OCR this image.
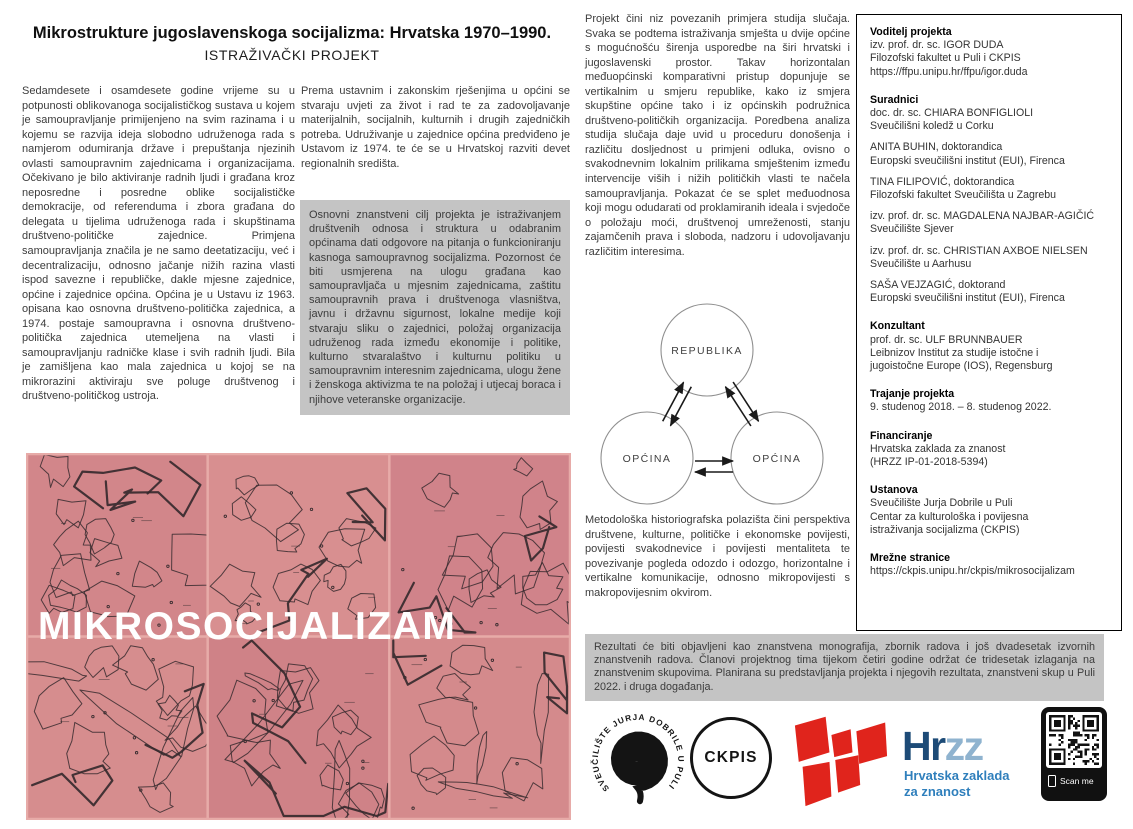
Mikrostrukture jugoslavenskoga socijalizma: Hrvatska 1970–1990.
ISTRAŽIVAČKI PROJEKT
Sedamdesete i osamdesete godine vrijeme su u potpunosti oblikovanoga socijalističkog sustava u kojem je samoupravljanje primijenjeno na svim razinama i u kojemu se razvija ideja slobodno udruženoga rada s namjerom odumiranja države i prepuštanja njezinih ovlasti samoupravnim zajednicama i organizacijama. Očekivano je bilo aktiviranje radnih ljudi i građana kroz neposredne i posredne oblike socijalističke demokracije, od referenduma i zbora građana do delegata u tijelima udruženoga rada i skupštinama društveno-političke zajednice. Primjena samoupravljanja značila je ne samo deetatizaciju, već i decentralizaciju, odnosno jačanje nižih razina vlasti ispod savezne i republičke, dakle mjesne zajednice, općine i zajednice općina. Općina je u Ustavu iz 1963. opisana kao osnovna društveno-politička zajednica, a 1974. postaje samoupravna i osnovna društveno-politička zajednica utemeljena na vlasti i samoupravljanju radničke klase i svih radnih ljudi. Bila je zamišljena kao mala zajednica u kojoj se na mikrorazini aktiviraju sve poluge društvenog i društveno-političkog ustroja.
Prema ustavnim i zakonskim rješenjima u općini se stvaraju uvjeti za život i rad te za zadovoljavanje materijalnih, socijalnih, kulturnih i drugih zajedničkih potreba. Udruživanje u zajednice općina predviđeno je Ustavom iz 1974. te će se u Hrvatskoj razviti devet regionalnih središta.
Osnovni znanstveni cilj projekta je istraživanjem društvenih odnosa i struktura u odabranim općinama dati odgovore na pitanja o funkcioniranju kasnoga samoupravnog socijalizma. Pozornost će biti usmjerena na ulogu građana kao samoupravljača u mjesnim zajednicama, zaštitu samoupravnih prava i društvenoga vlasništva, javnu i državnu sigurnost, lokalne medije koji stvaraju sliku o zajednici, položaj organizacija udruženog rada između ekonomije i politike, kulturno stvaralaštvo i kulturnu politiku u samoupravnim interesnim zajednicama, ulogu žene i ženskoga aktivizma te na položaj i utjecaj boraca i njihove veteranske organizacije.
MIKROSOCIJALIZAM
Projekt čini niz povezanih primjera studija slučaja. Svaka se podtema istraživanja smješta u dvije općine s mogućnošću širenja usporedbe na širi hrvatski i jugoslavenski prostor. Takav horizontalan međuopćinski komparativni pristup dopunjuje se vertikalnim u smjeru republike, kako iz smjera skupštine općine tako i iz općinskih podružnica društveno-političkih organizacija. Poredbena analiza studija slučaja daje uvid u proceduru donošenja i različitu dosljednost u primjeni odluka, ovisno o svakodnevnim lokalnim prilikama smještenim između intervencije viših i nižih političkih vlasti te načela samoupravljanja. Pokazat će se splet međuodnosa koji mogu odudarati od proklamiranih ideala i svjedoče o položaju moći, društvenoj umreženosti, stanju zajamčenih prava i sloboda, nadzoru i udovoljavanju različitim interesima.
REPUBLIKA
OPĆINA	OPĆINA
Metodološka historiografska polazišta čini perspektiva društvene, kulturne, političke i ekonomske povijesti, povijesti svakodnevice i povijesti mentaliteta te povezivanje pogleda odozdo i odozgo, horizontalne i vertikalne komunikacije, odnosno mikropovijesti s makropovijesnim okvirom.
Voditelj projekta
izv. prof. dr. sc. IGOR DUDA
Filozofski fakultet u Puli i CKPIS
https://ffpu.unipu.hr/ffpu/igor.duda
Suradnici
doc. dr. sc. CHIARA BONFIGLIOLI
Sveučilišni koledž u Corku
ANITA BUHIN, doktorandica
Europski sveučilišni institut (EUI), Firenca
TINA FILIPOVIĆ, doktorandica
Filozofski fakultet Sveučilišta u Zagrebu
izv. prof. dr. sc. MAGDALENA NAJBAR-AGIČIĆ
Sveučilište Sjever
izv. prof. dr. sc. CHRISTIAN AXBOE NIELSEN
Sveučilište u Aarhusu
SAŠA VEJZAGIĆ, doktorand
Europski sveučilišni institut (EUI), Firenca
Konzultant
prof. dr. sc. ULF BRUNNBAUER
Leibnizov Institut za studije istočne i
jugoistočne Europe (IOS), Regensburg
Trajanje projekta
9. studenog 2018. – 8. studenog 2022.
Financiranje
Hrvatska zaklada za znanost
(HRZZ IP-01-2018-5394)
Ustanova
Sveučilište Jurja Dobrile u Puli
Centar za kulturološka i povijesna
istraživanja socijalizma (CKPIS)
Mrežne stranice
https://ckpis.unipu.hr/ckpis/mikrosocijalizam
Rezultati će biti objavljeni kao znanstvena monografija, zbornik radova i još dvadesetak izvornih znanstvenih radova. Članovi projektnog tima tijekom četiri godine održat će tridesetak izlaganja na znanstvenim skupovima. Planirana su predstavljanja projekta i njegovih rezultata, znanstveni skup u Puli 2022. i druga događanja.
SVEUČILIŠTE JURJA DOBRILE U PULI
CKPIS	Hrzz
Hrvatska zaklada
za znanost
Scan me
